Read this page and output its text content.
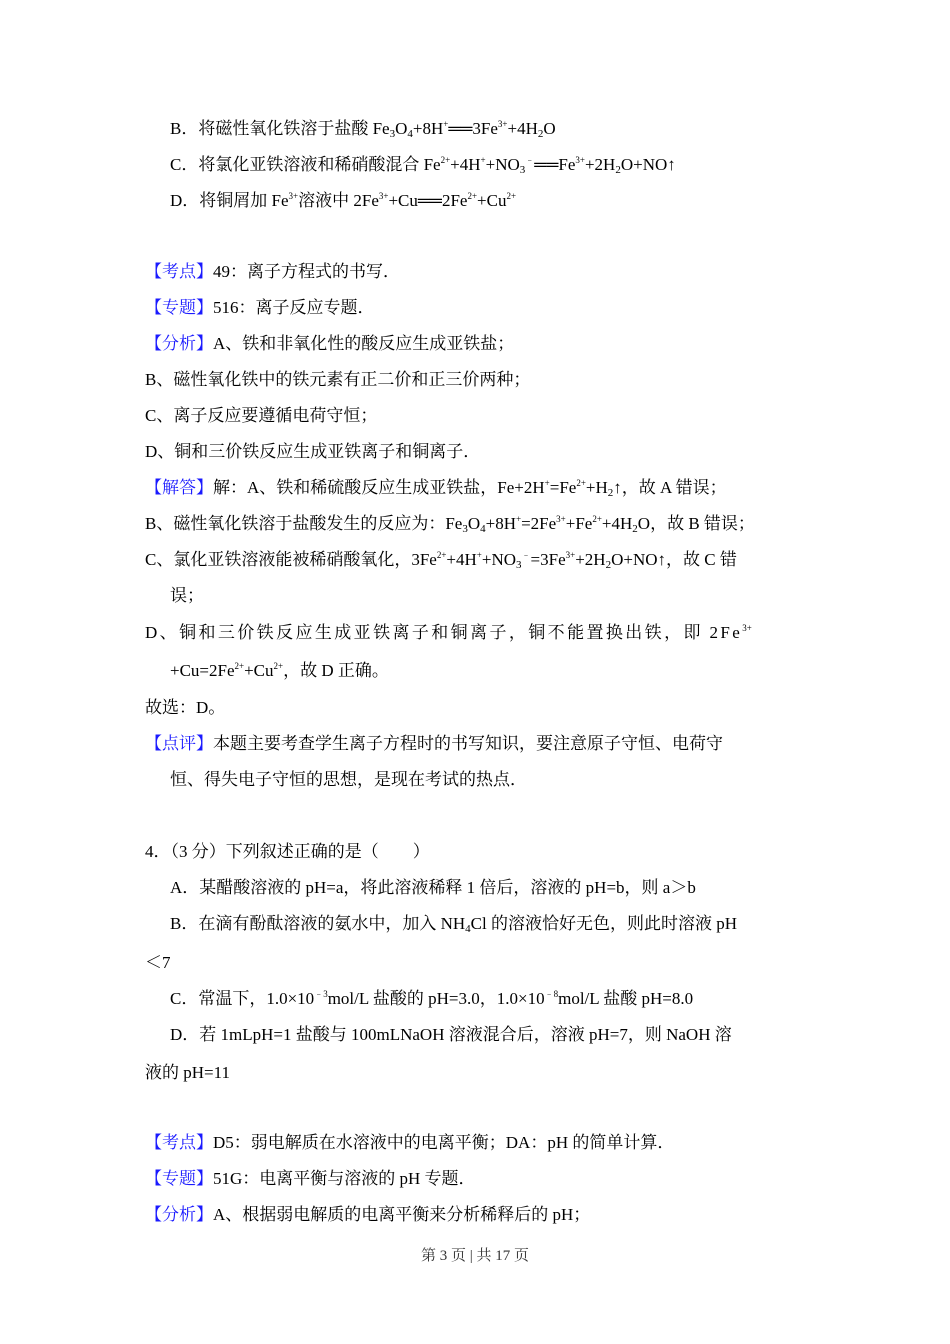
B．将磁性氧化铁溶于盐酸 $Fe_3O_4+8H^+══3Fe^{3+}+4H_2O$
C．将氯化亚铁溶液和稀硝酸混合 $Fe^{2+}+4H^++NO_3^﹣══Fe^{3+}+2H_2O+NO↑$
D．将铜屑加 $Fe^{3+}$溶液中 $2Fe^{3+}+Cu══2Fe^{2+}+Cu^{2+}$
【考点】49：离子方程式的书写．
【专题】516：离子反应专题．
【分析】A、铁和非氧化性的酸反应生成亚铁盐；
B、磁性氧化铁中的铁元素有正二价和正三价两种；
C、离子反应要遵循电荷守恒；
D、铜和三价铁反应生成亚铁离子和铜离子．
【解答】解：A、铁和稀硫酸反应生成亚铁盐，$Fe+2H^+=Fe^{2+}+H_2↑$，故 A 错误；
B、磁性氧化铁溶于盐酸发生的反应为：$Fe_3O_4+8H^+=2Fe^{3+}+Fe^{2+}+4H_2O$，故 B 错误；
C、氯化亚铁溶液能被稀硝酸氧化，$3Fe^{2+}+4H^++NO_3^﹣=3Fe^{3+}+2H_2O+NO↑$，故 C 错
误；
D、铜和三价铁反应生成亚铁离子和铜离子，铜不能置换出铁，即 $2Fe^{3+}$
$+Cu=2Fe^{2+}+Cu^{2+}$，故 D 正确。
故选：D。
【点评】本题主要考查学生离子方程时的书写知识，要注意原子守恒、电荷守
恒、得失电子守恒的思想，是现在考试的热点．
4．（3 分）下列叙述正确的是（　　）
A．某醋酸溶液的 pH=a，将此溶液稀释 1 倍后，溶液的 pH=b，则 a＞b
B．在滴有酚酞溶液的氨水中，加入 $NH_4Cl$ 的溶液恰好无色，则此时溶液 pH
＜7
C．常温下，$1.0\times 10^{﹣3}mol/L$ 盐酸的 pH=3.0，$1.0\times 10^{﹣8}mol/L$ 盐酸 pH=8.0
D．若 1mLpH=1 盐酸与 100mLNaOH 溶液混合后，溶液 pH=7，则 NaOH 溶
液的 pH=11
【考点】D5：弱电解质在水溶液中的电离平衡；DA：pH 的简单计算．
【专题】51G：电离平衡与溶液的 pH 专题．
【分析】A、根据弱电解质的电离平衡来分析稀释后的 pH；
第 3 页 | 共 17 页
